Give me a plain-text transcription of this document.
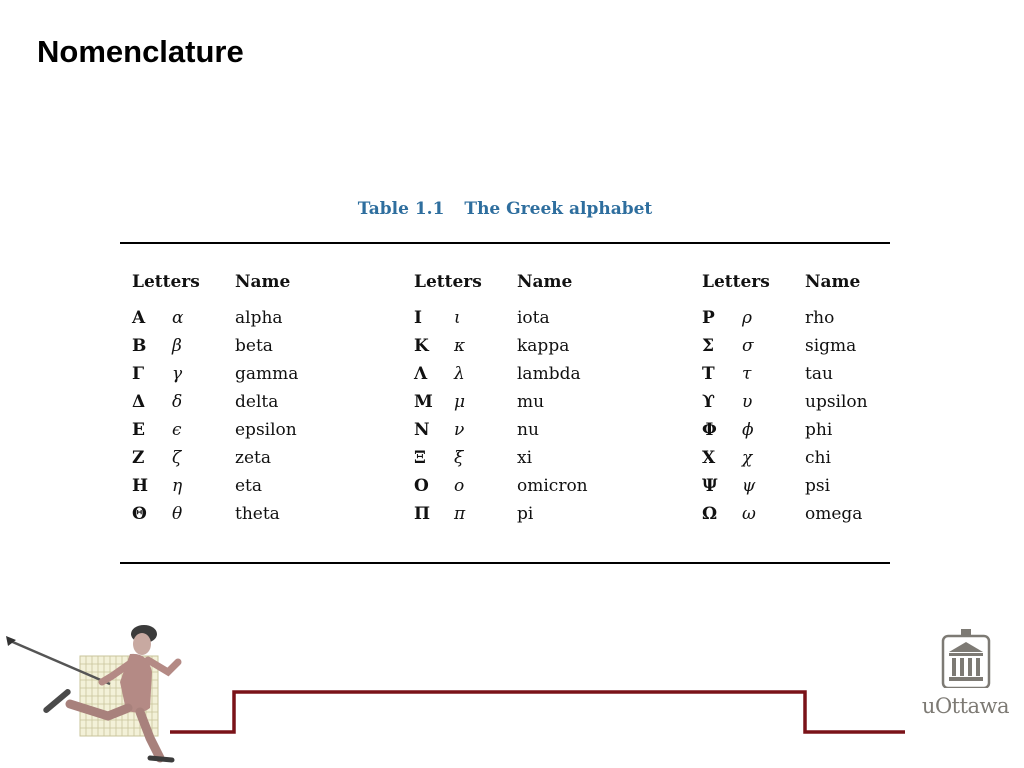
Nomenclature
Table 1.1 The Greek alphabet
Letters	Name
Α	α	alpha
Β	β	beta
Γ	γ	gamma
Δ	δ	delta
Ε	ϵ	epsilon
Ζ	ζ	zeta
Η	η	eta
Θ	θ	theta
Letters	Name
Ι	ι	iota
Κ	κ	kappa
Λ	λ	lambda
Μ	μ	mu
Ν	ν	nu
Ξ	ξ	xi
Ο	ο	omicron
Π	π	pi
Letters	Name
Ρ	ρ	rho
Σ	σ	sigma
Τ	τ	tau
ϒ	υ	upsilon
Φ	ϕ	phi
Χ	χ	chi
Ψ	ψ	psi
Ω	ω	omega
uOttawa
